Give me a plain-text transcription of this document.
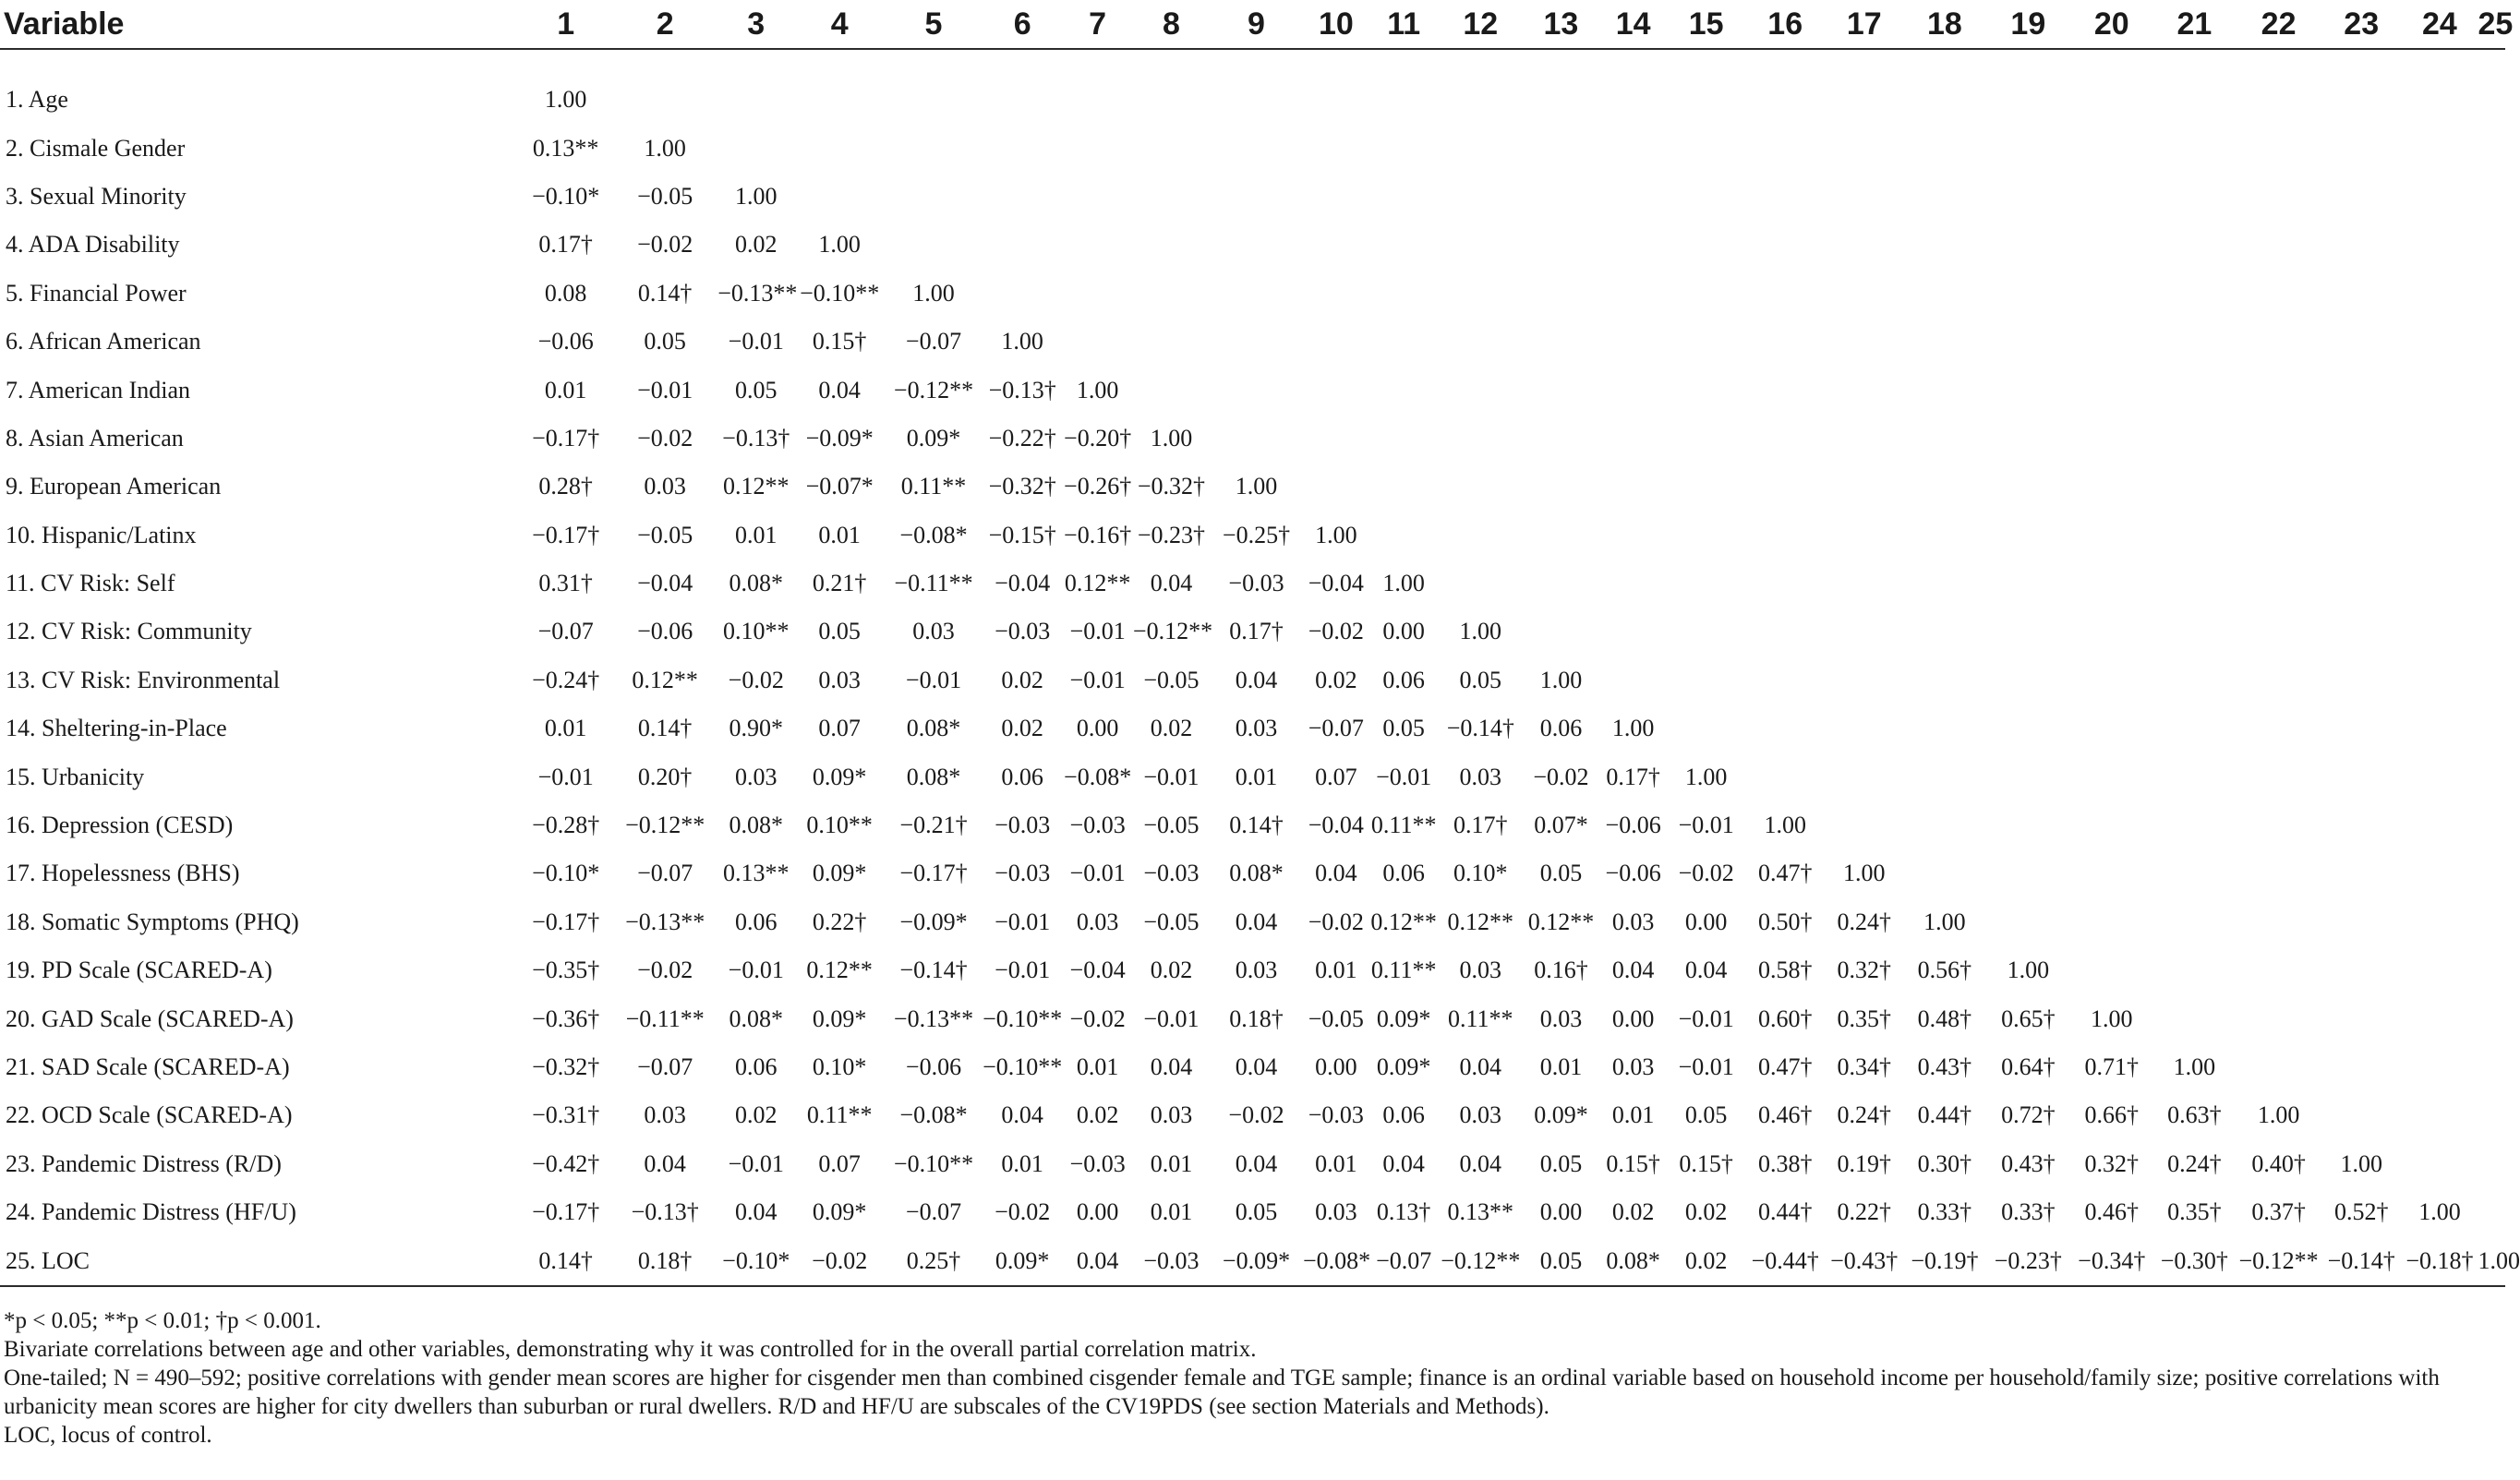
Variable	1	2	3	4	5	6	7	8	9	10	11	12	13	14	15	16	17	18	19	20	21	22	23	24	25
1. Age	1.00																								
2. Cismale Gender	0.13**	1.00																							
3. Sexual Minority	−0.10*	−0.05	1.00																						
4. ADA Disability	0.17†	−0.02	0.02	1.00																					
5. Financial Power	0.08	0.14†	−0.13**	−0.10**	1.00																				
6. African American	−0.06	0.05	−0.01	0.15†	−0.07	1.00																			
7. American Indian	0.01	−0.01	0.05	0.04	−0.12**	−0.13†	1.00																		
8. Asian American	−0.17†	−0.02	−0.13†	−0.09*	0.09*	−0.22†	−0.20†	1.00																	
9. European American	0.28†	0.03	0.12**	−0.07*	0.11**	−0.32†	−0.26†	−0.32†	1.00																
10. Hispanic/Latinx	−0.17†	−0.05	0.01	0.01	−0.08*	−0.15†	−0.16†	−0.23†	−0.25†	1.00															
11. CV Risk: Self	0.31†	−0.04	0.08*	0.21†	−0.11**	−0.04	0.12**	0.04	−0.03	−0.04	1.00														
12. CV Risk: Community	−0.07	−0.06	0.10**	0.05	0.03	−0.03	−0.01	−0.12**	0.17†	−0.02	0.00	1.00													
13. CV Risk: Environmental	−0.24†	0.12**	−0.02	0.03	−0.01	0.02	−0.01	−0.05	0.04	0.02	0.06	0.05	1.00												
14. Sheltering-in-Place	0.01	0.14†	0.90*	0.07	0.08*	0.02	0.00	0.02	0.03	−0.07	0.05	−0.14†	0.06	1.00											
15. Urbanicity	−0.01	0.20†	0.03	0.09*	0.08*	0.06	−0.08*	−0.01	0.01	0.07	−0.01	0.03	−0.02	0.17†	1.00										
16. Depression (CESD)	−0.28†	−0.12**	0.08*	0.10**	−0.21†	−0.03	−0.03	−0.05	0.14†	−0.04	0.11**	0.17†	0.07*	−0.06	−0.01	1.00									
17. Hopelessness (BHS)	−0.10*	−0.07	0.13**	0.09*	−0.17†	−0.03	−0.01	−0.03	0.08*	0.04	0.06	0.10*	0.05	−0.06	−0.02	0.47†	1.00								
18. Somatic Symptoms (PHQ)	−0.17†	−0.13**	0.06	0.22†	−0.09*	−0.01	0.03	−0.05	0.04	−0.02	0.12**	0.12**	0.12**	0.03	0.00	0.50†	0.24†	1.00							
19. PD Scale (SCARED-A)	−0.35†	−0.02	−0.01	0.12**	−0.14†	−0.01	−0.04	0.02	0.03	0.01	0.11**	0.03	0.16†	0.04	0.04	0.58†	0.32†	0.56†	1.00						
20. GAD Scale (SCARED-A)	−0.36†	−0.11**	0.08*	0.09*	−0.13**	−0.10**	−0.02	−0.01	0.18†	−0.05	0.09*	0.11**	0.03	0.00	−0.01	0.60†	0.35†	0.48†	0.65†	1.00					
21. SAD Scale (SCARED-A)	−0.32†	−0.07	0.06	0.10*	−0.06	−0.10**	0.01	0.04	0.04	0.00	0.09*	0.04	0.01	0.03	−0.01	0.47†	0.34†	0.43†	0.64†	0.71†	1.00				
22. OCD Scale (SCARED-A)	−0.31†	0.03	0.02	0.11**	−0.08*	0.04	0.02	0.03	−0.02	−0.03	0.06	0.03	0.09*	0.01	0.05	0.46†	0.24†	0.44†	0.72†	0.66†	0.63†	1.00			
23. Pandemic Distress (R/D)	−0.42†	0.04	−0.01	0.07	−0.10**	0.01	−0.03	0.01	0.04	0.01	0.04	0.04	0.05	0.15†	0.15†	0.38†	0.19†	0.30†	0.43†	0.32†	0.24†	0.40†	1.00		
24. Pandemic Distress (HF/U)	−0.17†	−0.13†	0.04	0.09*	−0.07	−0.02	0.00	0.01	0.05	0.03	0.13†	0.13**	0.00	0.02	0.02	0.44†	0.22†	0.33†	0.33†	0.46†	0.35†	0.37†	0.52†	1.00	
25. LOC	0.14†	0.18†	−0.10*	−0.02	0.25†	0.09*	0.04	−0.03	−0.09*	−0.08*	−0.07	−0.12**	0.05	0.08*	0.02	−0.44†	−0.43†	−0.19†	−0.23†	−0.34†	−0.30†	−0.12**	−0.14†	−0.18†	1.00

*p < 0.05; **p < 0.01; †p < 0.001.

Bivariate correlations between age and other variables, demonstrating why it was controlled for in the overall partial correlation matrix.

One-tailed; N = 490–592; positive correlations with gender mean scores are higher for cisgender men than combined cisgender female and TGE sample; finance is an ordinal variable based on household income per household/family size; positive correlations with urbanicity mean scores are higher for city dwellers than suburban or rural dwellers. R/D and HF/U are subscales of the CV19PDS (see section Materials and Methods).

LOC, locus of control.
